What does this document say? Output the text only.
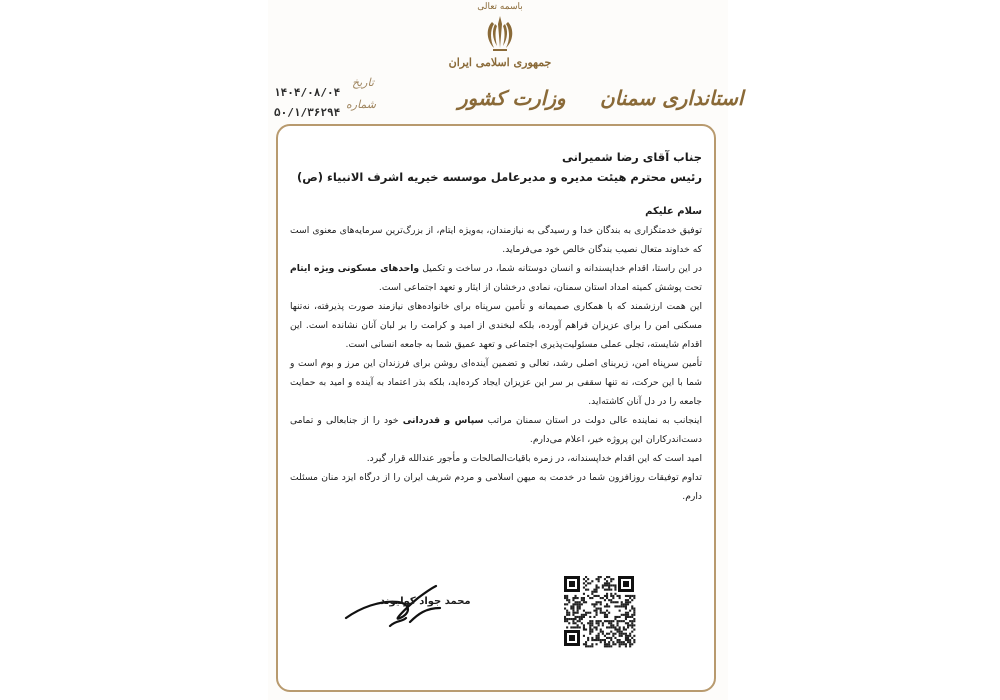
باسمه تعالی
جمهوری اسلامی ایران
وزارت کشور استانداری سمنان
تاریخ
۱۴۰۴/۰۸/۰۴
شماره
۵۰/۱/۳۶۲۹۴

جناب آقای رضا شمیرانی

رئیس محترم هیئت مدیره و مدیرعامل موسسه خیریه اشرف الانبیاء (ص)

سلام علیکم

توفیق خدمتگزاری به بندگان خدا و رسیدگی به نیازمندان، به‌ویژه ایتام، از بزرگ‌ترین سرمایه‌های معنوی است که خداوند متعال نصیب بندگان خالص خود می‌فرماید.

در این راستا، اقدام خداپسندانه و انسان دوستانه شما، در ساخت و تکمیل واحدهای مسکونی ویژه ایتام تحت پوشش کمیته امداد استان سمنان، نمادی درخشان از ایثار و تعهد اجتماعی است.

این همت ارزشمند که با همکاری صمیمانه و تأمین سرپناه برای خانواده‌های نیازمند صورت پذیرفته، نه‌تنها مسکنی امن را برای عزیزان فراهم آورده، بلکه لبخندی از امید و کرامت را بر لبان آنان نشانده است. این اقدام شایسته، تجلی عملی مسئولیت‌پذیری اجتماعی و تعهد عمیق شما به جامعه انسانی است.

تأمین سرپناه امن، زیربنای اصلی رشد، تعالی و تضمین آینده‌ای روشن برای فرزندان این مرز و بوم است و شما با این حرکت، نه تنها سقفی بر سر این عزیزان ایجاد کرده‌اید، بلکه بذر اعتماد به آینده و امید به حمایت جامعه را در دل آنان کاشته‌اید.

اینجانب به نماینده عالی دولت در استان سمنان مراتب سپاس و قدردانی خود را از جنابعالی و تمامی دست‌اندرکاران این پروژه خیر، اعلام می‌دارم.

امید است که این اقدام خداپسندانه، در زمره باقیات‌الصالحات و مأجور عندالله قرار گیرد.

تداوم توفیقات روزافزون شما در خدمت به میهن اسلامی و مردم شریف ایران را از درگاه ایزد منان مسئلت دارم.

محمد جواد کولیوند
